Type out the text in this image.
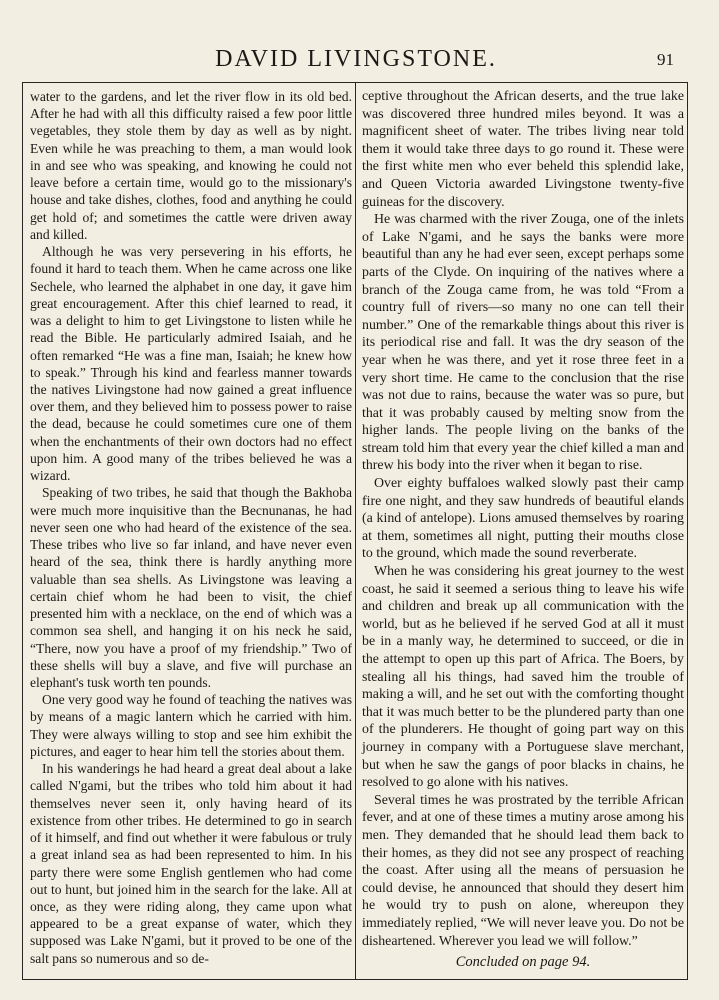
DAVID LIVINGSTONE.	91

water to the gardens, and let the river flow in its old bed. After he had with all this difficulty raised a few poor little vegetables, they stole them by day as well as by night. Even while he was preaching to them, a man would look in and see who was speaking, and knowing he could not leave before a certain time, would go to the missionary's house and take dishes, clothes, food and anything he could get hold of; and sometimes the cattle were driven away and killed.

Although he was very persevering in his efforts, he found it hard to teach them. When he came across one like Sechele, who learned the alphabet in one day, it gave him great encouragement. After this chief learned to read, it was a delight to him to get Livingstone to listen while he read the Bible. He particularly admired Isaiah, and he often remarked “He was a fine man, Isaiah; he knew how to speak.” Through his kind and fearless manner towards the natives Livingstone had now gained a great influence over them, and they believed him to possess power to raise the dead, because he could sometimes cure one of them when the enchantments of their own doctors had no effect upon him. A good many of the tribes believed he was a wizard.

Speaking of two tribes, he said that though the Bakhoba were much more inquisitive than the Becnunanas, he had never seen one who had heard of the existence of the sea. These tribes who live so far inland, and have never even heard of the sea, think there is hardly anything more valuable than sea shells. As Livingstone was leaving a certain chief whom he had been to visit, the chief presented him with a necklace, on the end of which was a common sea shell, and hanging it on his neck he said, “There, now you have a proof of my friendship.” Two of these shells will buy a slave, and five will purchase an elephant's tusk worth ten pounds.

One very good way he found of teaching the natives was by means of a magic lantern which he carried with him. They were always willing to stop and see him exhibit the pictures, and eager to hear him tell the stories about them.

In his wanderings he had heard a great deal about a lake called N'gami, but the tribes who told him about it had themselves never seen it, only having heard of its existence from other tribes. He determined to go in search of it himself, and find out whether it were fabulous or truly a great inland sea as had been represented to him. In his party there were some English gentlemen who had come out to hunt, but joined him in the search for the lake. All at once, as they were riding along, they came upon what appeared to be a great expanse of water, which they supposed was Lake N'gami, but it proved to be one of the salt pans so numerous and so de-

ceptive throughout the African deserts, and the true lake was discovered three hundred miles beyond. It was a magnificent sheet of water. The tribes living near told them it would take three days to go round it. These were the first white men who ever beheld this splendid lake, and Queen Victoria awarded Livingstone twenty-five guineas for the discovery.

He was charmed with the river Zouga, one of the inlets of Lake N'gami, and he says the banks were more beautiful than any he had ever seen, except perhaps some parts of the Clyde. On inquiring of the natives where a branch of the Zouga came from, he was told “From a country full of rivers—so many no one can tell their number.” One of the remarkable things about this river is its periodical rise and fall. It was the dry season of the year when he was there, and yet it rose three feet in a very short time. He came to the conclusion that the rise was not due to rains, because the water was so pure, but that it was probably caused by melting snow from the higher lands. The people living on the banks of the stream told him that every year the chief killed a man and threw his body into the river when it began to rise.

Over eighty buffaloes walked slowly past their camp fire one night, and they saw hundreds of beautiful elands (a kind of antelope). Lions amused themselves by roaring at them, sometimes all night, putting their mouths close to the ground, which made the sound reverberate.

When he was considering his great journey to the west coast, he said it seemed a serious thing to leave his wife and children and break up all communication with the world, but as he believed if he served God at all it must be in a manly way, he determined to succeed, or die in the attempt to open up this part of Africa. The Boers, by stealing all his things, had saved him the trouble of making a will, and he set out with the comforting thought that it was much better to be the plundered party than one of the plunderers. He thought of going part way on this journey in company with a Portuguese slave merchant, but when he saw the gangs of poor blacks in chains, he resolved to go alone with his natives.

Several times he was prostrated by the terrible African fever, and at one of these times a mutiny arose among his men. They demanded that he should lead them back to their homes, as they did not see any prospect of reaching the coast. After using all the means of persuasion he could devise, he announced that should they desert him he would try to push on alone, whereupon they immediately replied, “We will never leave you. Do not be disheartened. Wherever you lead we will follow.”

Concluded on page 94.
